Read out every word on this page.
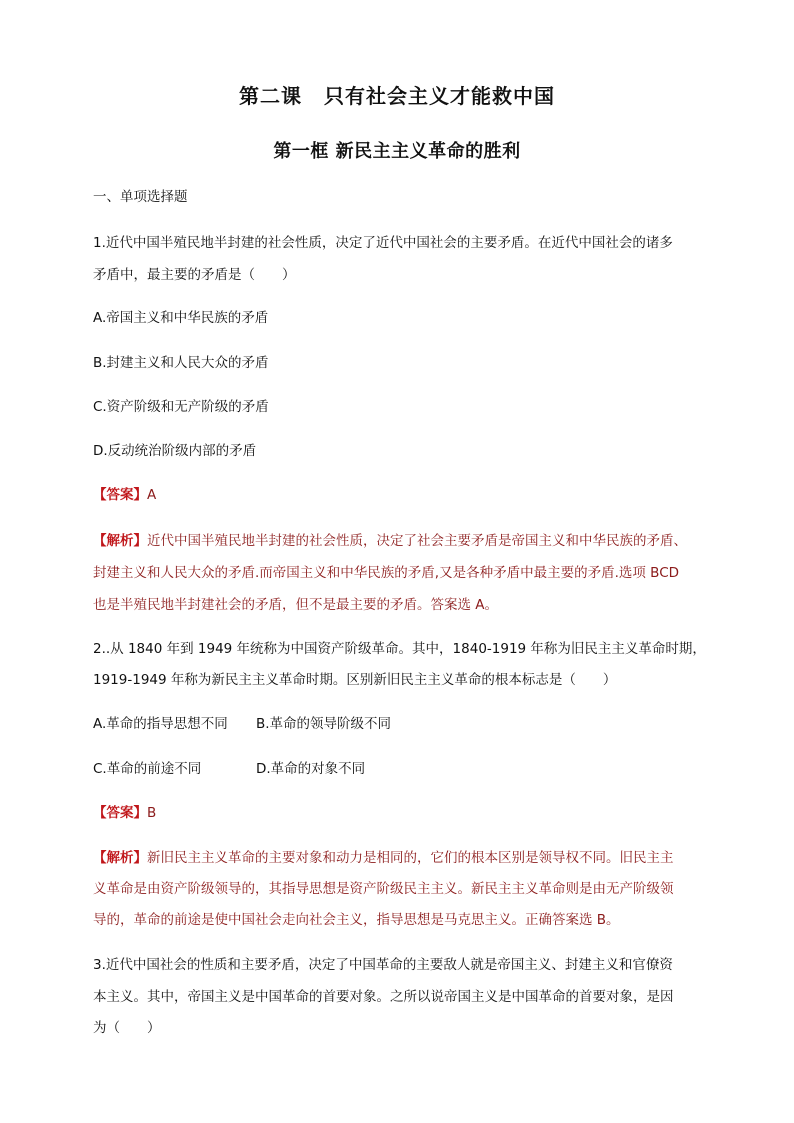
第二课 只有社会主义才能救中国
第一框 新民主主义革命的胜利

一、单项选择题

1.近代中国半殖民地半封建的社会性质，决定了近代中国社会的主要矛盾。在近代中国社会的诸多

矛盾中，最主要的矛盾是（　　）

A.帝国主义和中华民族的矛盾

B.封建主义和人民大众的矛盾

C.资产阶级和无产阶级的矛盾

D.反动统治阶级内部的矛盾

【答案】A

【解析】近代中国半殖民地半封建的社会性质，决定了社会主要矛盾是帝国主义和中华民族的矛盾、

封建主义和人民大众的矛盾.而帝国主义和中华民族的矛盾,又是各种矛盾中最主要的矛盾.选项 BCD

也是半殖民地半封建社会的矛盾，但不是最主要的矛盾。答案选 A。

2..从 1840 年到 1949 年统称为中国资产阶级革命。其中，1840-1919 年称为旧民主主义革命时期，

1919-1949 年称为新民主主义革命时期。区别新旧民主主义革命的根本标志是（　　）

A.革命的指导思想不同 B.革命的领导阶级不同

C.革命的前途不同	D.革命的对象不同

【答案】B

【解析】新旧民主主义革命的主要对象和动力是相同的，它们的根本区别是领导权不同。旧民主主

义革命是由资产阶级领导的，其指导思想是资产阶级民主主义。新民主主义革命则是由无产阶级领

导的，革命的前途是使中国社会走向社会主义，指导思想是马克思主义。正确答案选 B。

3.近代中国社会的性质和主要矛盾，决定了中国革命的主要敌人就是帝国主义、封建主义和官僚资

本主义。其中，帝国主义是中国革命的首要对象。之所以说帝国主义是中国革命的首要对象，是因

为（　　）
